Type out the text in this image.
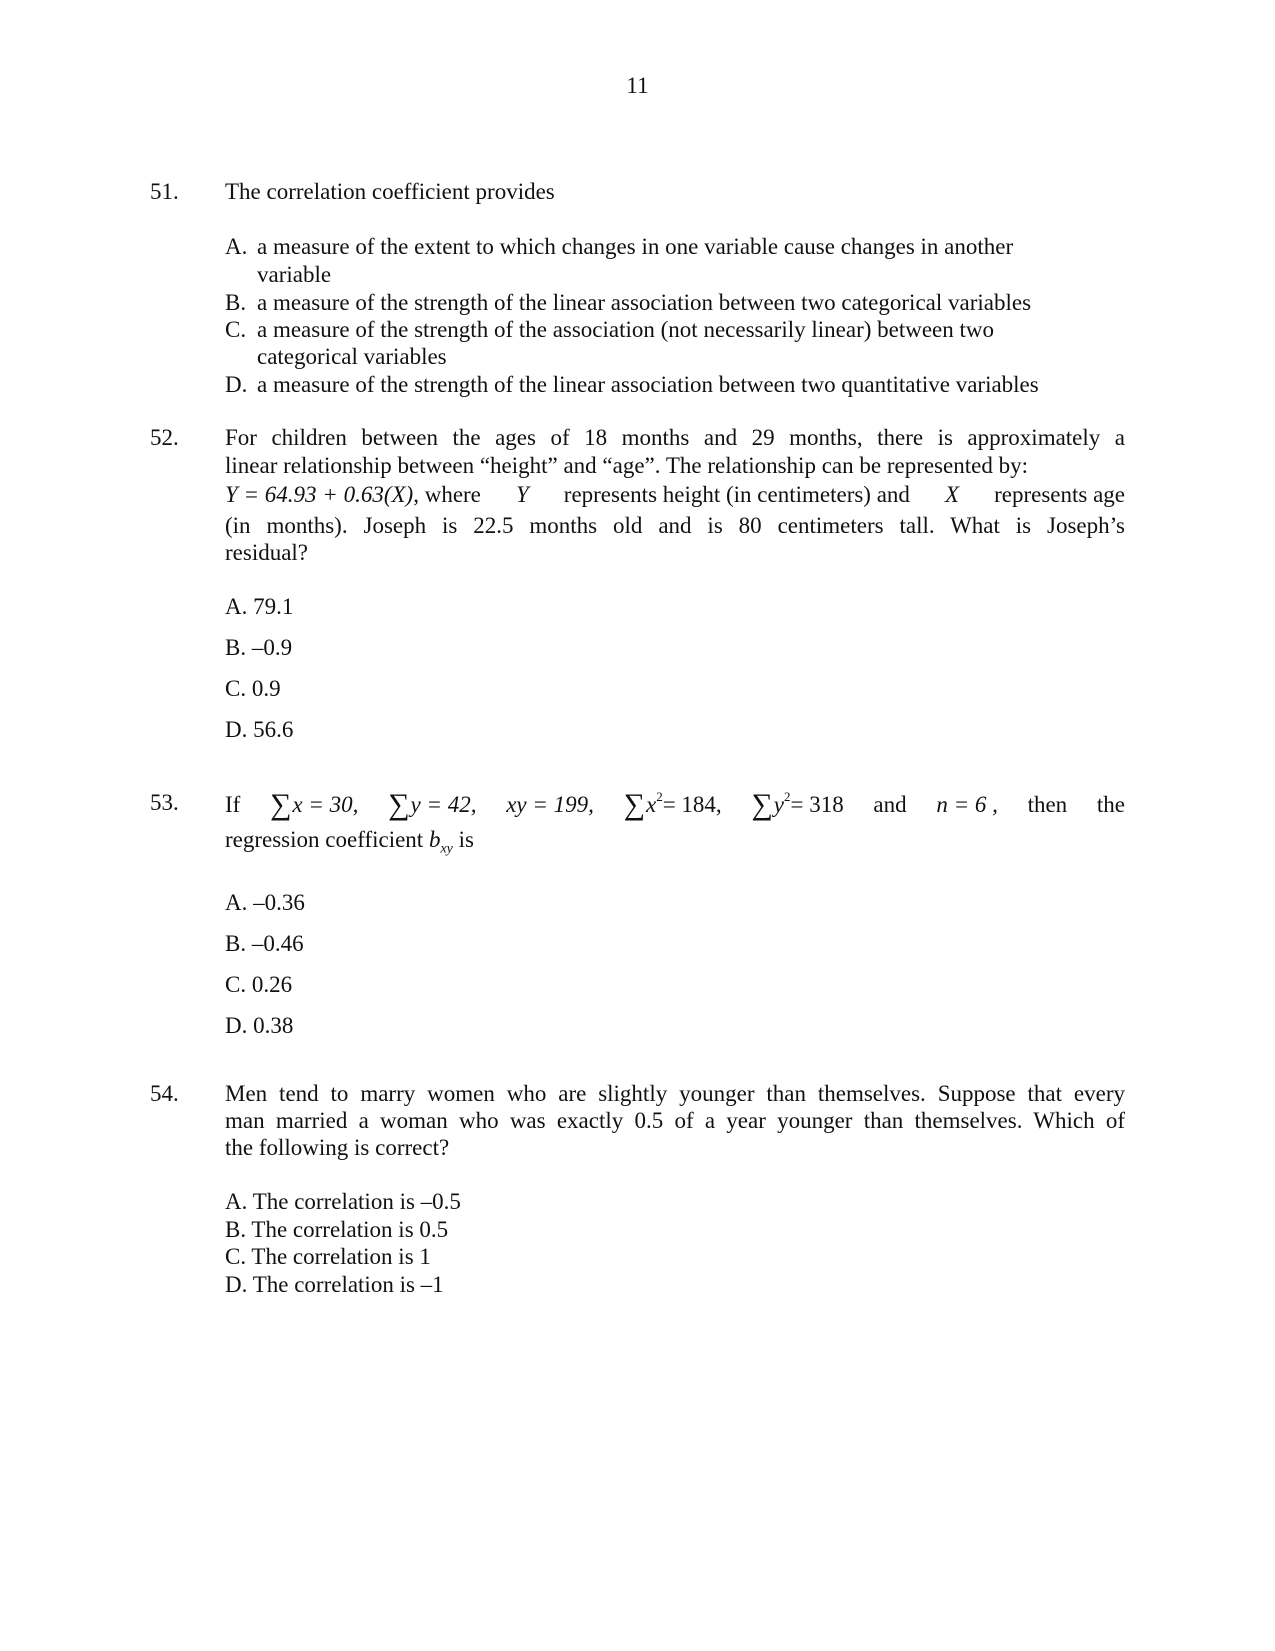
11
51. The correlation coefficient provides
A. a measure of the extent to which changes in one variable cause changes in another
variable
B. a measure of the strength of the linear association between two categorical variables
C. a measure of the strength of the association (not necessarily linear) between two
categorical variables
D. a measure of the strength of the linear association between two quantitative variables
52. For children between the ages of 18 months and 29 months, there is approximately a
linear relationship between “height” and “age”. The relationship can be represented by:
Y = 64.93 + 0.63(X), where Y represents height (in centimeters) and X represents age
(in months). Joseph is 22.5 months old and is 80 centimeters tall. What is Joseph’s
residual?
A. 79.1
B. –0.9
C. 0.9
D. 56.6
53. If ∑x = 30, ∑y = 42, xy = 199, $\sum x^2= 184$, $\sum y^2= 318$ and n = 6 , then the
regression coefficient $b_{xy}$ is
A. –0.36
B. –0.46
C. 0.26
D. 0.38
54. Men tend to marry women who are slightly younger than themselves. Suppose that every
man married a woman who was exactly 0.5 of a year younger than themselves. Which of
the following is correct?
A. The correlation is –0.5
B. The correlation is 0.5
C. The correlation is 1
D. The correlation is –1
